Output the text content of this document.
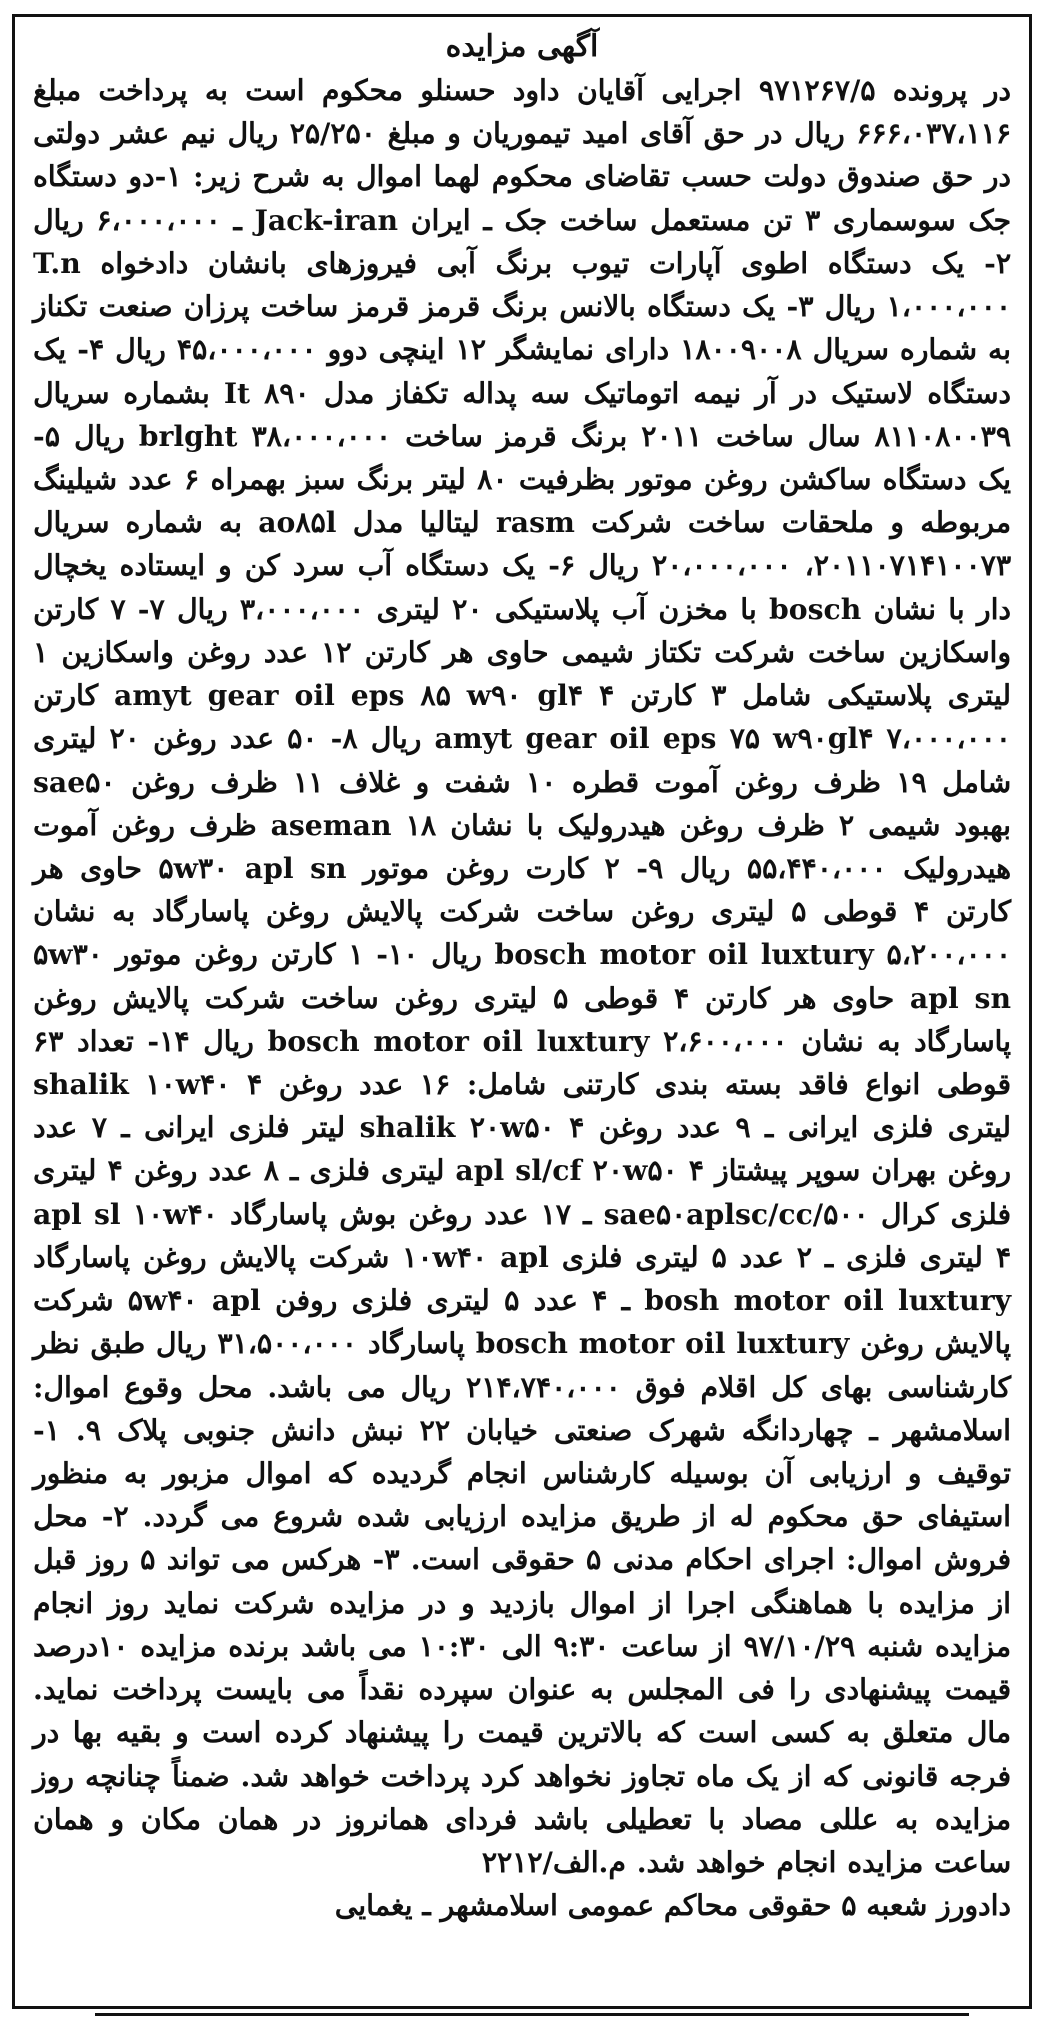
آگهی مزایده

در پرونده ۹۷۱۲۶۷/۵ اجرایی آقایان داود حسنلو محکوم است به پرداخت مبلغ ۶۶۶،۰۳۷،۱۱۶ ریال در حق آقای امید تیموریان و مبلغ ۲۵/۲۵۰ ریال نیم عشر دولتی در حق صندوق دولت حسب تقاضای محکوم لهما اموال به شرح زیر: ۱-دو دستگاه جک سوسماری ۳ تن مستعمل ساخت جک ـ ایران Jack-iran ـ ۶،۰۰۰،۰۰۰ ریال ۲- یک دستگاه اطوی آپارات تیوب برنگ آبی فیروزهای بانشان دادخواه T.n ۱،۰۰۰،۰۰۰ ریال ۳- یک دستگاه بالانس برنگ قرمز قرمز ساخت پرزان صنعت تکناز به شماره سریال ۱۸۰۰۹۰۰۸ دارای نمایشگر ۱۲ اینچی دوو ۴۵،۰۰۰،۰۰۰ ریال ۴- یک دستگاه لاستیک در آر نیمه اتوماتیک سه پداله تکفاز مدل It ۸۹۰ بشماره سریال ۸۱۱۰۸۰۰۳۹ سال ساخت ۲۰۱۱ برنگ قرمز ساخت brlght ۳۸،۰۰۰،۰۰۰ ریال ۵- یک دستگاه ساکشن روغن موتور بظرفیت ۸۰ لیتر برنگ سبز بهمراه ۶ عدد شیلینگ مربوطه و ملحقات ساخت شرکت rasm لیتالیا مدل ao۸۵l به شماره سریال ۲۰۱۱۰۷۱۴۱۰۰۷۳، ۲۰،۰۰۰،۰۰۰ ریال ۶- یک دستگاه آب سرد کن و ایستاده یخچال دار با نشان bosch با مخزن آب پلاستیکی ۲۰ لیتری ۳،۰۰۰،۰۰۰ ریال ۷- ۷ کارتن واسکازین ساخت شرکت تکتاز شیمی حاوی هر کارتن ۱۲ عدد روغن واسکازین ۱ لیتری پلاستیکی شامل ۳ کارتن amyt gear oil eps ۸۵ w۹۰ gl۴ ۴ کارتن amyt gear oil eps ۷۵ w۹۰gl۴ ۷،۰۰۰،۰۰۰ ریال ۸- ۵۰ عدد روغن ۲۰ لیتری شامل ۱۹ ظرف روغن آموت قطره ۱۰ شفت و غلاف ۱۱ ظرف روغن sae۵۰ بهبود شیمی ۲ ظرف روغن هیدرولیک با نشان aseman ۱۸ ظرف روغن آموت هیدرولیک ۵۵،۴۴۰،۰۰۰ ریال ۹- ۲ کارت روغن موتور ۵w۳۰ apl sn حاوی هر کارتن ۴ قوطی ۵ لیتری روغن ساخت شرکت پالایش روغن پاسارگاد به نشان bosch motor oil luxtury ۵،۲۰۰،۰۰۰ ریال ۱۰- ۱ کارتن روغن موتور ۵w۳۰ apl sn حاوی هر کارتن ۴ قوطی ۵ لیتری روغن ساخت شرکت پالایش روغن پاسارگاد به نشان bosch motor oil luxtury ۲،۶۰۰،۰۰۰ ریال ۱۴- تعداد ۶۳ قوطی انواع فاقد بسته بندی کارتنی شامل: ۱۶ عدد روغن shalik ۱۰w۴۰ ۴ لیتری فلزی ایرانی ـ ۹ عدد روغن shalik ۲۰w۵۰ ۴ لیتر فلزی ایرانی ـ ۷ عدد روغن بهران سوپر پیشتاز apl sl/cf ۲۰w۵۰ ۴ لیتری فلزی ـ ۸ عدد روغن ۴ لیتری فلزی کرال sae۵۰aplsc/cc/۵۰۰ ـ ۱۷ عدد روغن بوش پاسارگاد apl sl ۱۰w۴۰ ۴ لیتری فلزی ـ ۲ عدد ۵ لیتری فلزی ۱۰w۴۰ apl شرکت پالایش روغن پاسارگاد bosh motor oil luxtury ـ ۴ عدد ۵ لیتری فلزی روفن ۵w۴۰ apl شرکت پالایش روغن bosch motor oil luxtury پاسارگاد ۳۱،۵۰۰،۰۰۰ ریال طبق نظر کارشناسی بهای کل اقلام فوق ۲۱۴،۷۴۰،۰۰۰ ریال می باشد. محل وقوع اموال: اسلامشهر ـ چهاردانگه شهرک صنعتی خیابان ۲۲ نبش دانش جنوبی پلاک ۹. ۱- توقیف و ارزیابی آن بوسیله کارشناس انجام گردیده که اموال مزبور به منظور استیفای حق محکوم له از طریق مزایده ارزیابی شده شروع می گردد. ۲- محل فروش اموال: اجرای احکام مدنی ۵ حقوقی است. ۳- هرکس می تواند ۵ روز قبل از مزایده با هماهنگی اجرا از اموال بازدید و در مزایده شرکت نماید روز انجام مزایده شنبه ۹۷/۱۰/۲۹ از ساعت ۹:۳۰ الی ۱۰:۳۰ می باشد برنده مزایده ۱۰درصد قیمت پیشنهادی را فی المجلس به عنوان سپرده نقداً می بایست پرداخت نماید. مال متعلق به کسی است که بالاترین قیمت را پیشنهاد کرده است و بقیه بها در فرجه قانونی که از یک ماه تجاوز نخواهد کرد پرداخت خواهد شد. ضمناً چنانچه روز مزایده به عللی مصاد با تعطیلی باشد فردای همانروز در همان مکان و همان ساعت مزایده انجام خواهد شد. م.الف/۲۲۱۲

دادورز شعبه ۵ حقوقی محاکم عمومی اسلامشهر ـ یغمایی
